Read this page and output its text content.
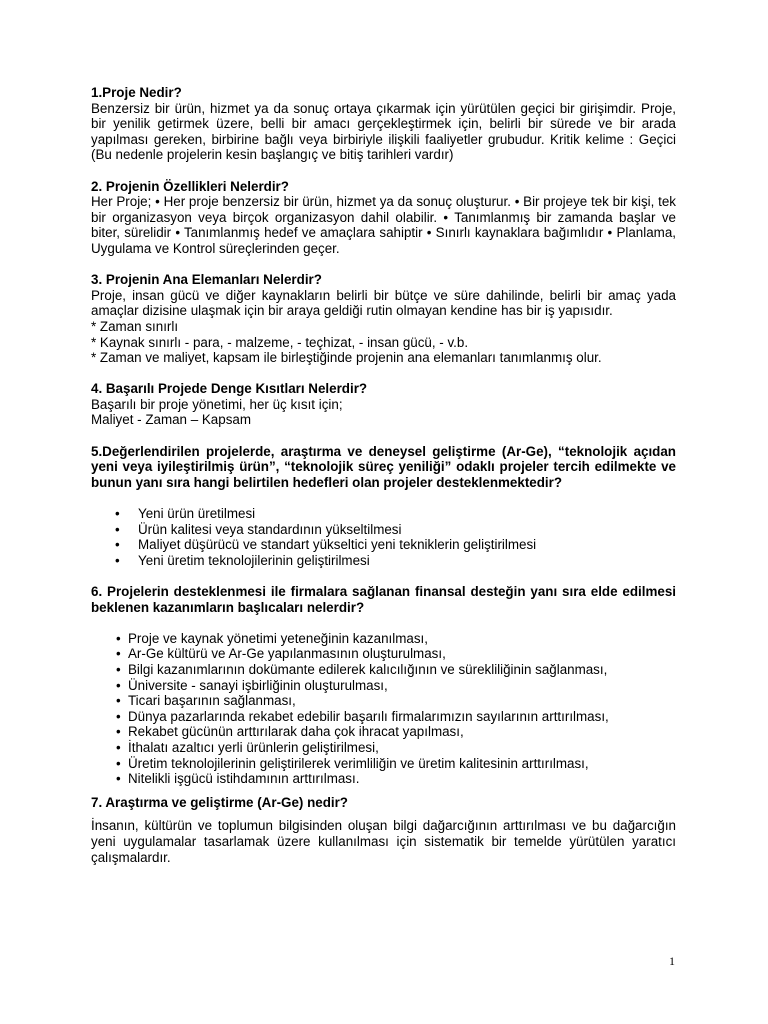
1.Proje Nedir?

Benzersiz bir ürün, hizmet ya da sonuç ortaya çıkarmak için yürütülen geçici bir girişimdir. Proje, bir yenilik getirmek üzere, belli bir amacı gerçekleştirmek için, belirli bir sürede ve bir arada yapılması gereken, birbirine bağlı veya birbiriyle ilişkili faaliyetler grubudur. Kritik kelime : Geçici (Bu nedenle projelerin kesin başlangıç ve bitiş tarihleri vardır)

2. Projenin Özellikleri Nelerdir?

Her Proje; • Her proje benzersiz bir ürün, hizmet ya da sonuç oluşturur. • Bir projeye tek bir kişi, tek bir organizasyon veya birçok organizasyon dahil olabilir. • Tanımlanmış bir zamanda başlar ve biter, sürelidir • Tanımlanmış hedef ve amaçlara sahiptir • Sınırlı kaynaklara bağımlıdır • Planlama, Uygulama ve Kontrol süreçlerinden geçer.

3. Projenin Ana Elemanları Nelerdir?

Proje, insan gücü ve diğer kaynakların belirli bir bütçe ve süre dahilinde, belirli bir amaç yada amaçlar dizisine ulaşmak için bir araya geldiği rutin olmayan kendine has bir iş yapısıdır.

* Zaman sınırlı

* Kaynak sınırlı - para, - malzeme, - teçhizat, - insan gücü, - v.b.

* Zaman ve maliyet, kapsam ile birleştiğinde projenin ana elemanları tanımlanmış olur.

4. Başarılı Projede Denge Kısıtları Nelerdir?

Başarılı bir proje yönetimi, her üç kısıt için;

Maliyet - Zaman – Kapsam

5.Değerlendirilen projelerde, araştırma ve deneysel geliştirme (Ar-Ge), “teknolojik açıdan yeni veya iyileştirilmiş ürün”, “teknolojik süreç yeniliği” odaklı projeler tercih edilmekte ve bunun yanı sıra hangi belirtilen hedefleri olan projeler desteklenmektedir?

• Yeni ürün üretilmesi
• Ürün kalitesi veya standardının yükseltilmesi
• Maliyet düşürücü ve standart yükseltici yeni tekniklerin geliştirilmesi
• Yeni üretim teknolojilerinin geliştirilmesi

6. Projelerin desteklenmesi ile firmalara sağlanan finansal desteğin yanı sıra elde edilmesi beklenen kazanımların başlıcaları nelerdir?

• Proje ve kaynak yönetimi yeteneğinin kazanılması,
• Ar-Ge kültürü ve Ar-Ge yapılanmasının oluşturulması,
• Bilgi kazanımlarının dokümante edilerek kalıcılığının ve sürekliliğinin sağlanması,
• Üniversite - sanayi işbirliğinin oluşturulması,
• Ticari başarının sağlanması,
• Dünya pazarlarında rekabet edebilir başarılı firmalarımızın sayılarının arttırılması,
• Rekabet gücünün arttırılarak daha çok ihracat yapılması,
• İthalatı azaltıcı yerli ürünlerin geliştirilmesi,
• Üretim teknolojilerinin geliştirilerek verimliliğin ve üretim kalitesinin arttırılması,
• Nitelikli işgücü istihdamının arttırılması.

7. Araştırma ve geliştirme (Ar-Ge) nedir?

İnsanın, kültürün ve toplumun bilgisinden oluşan bilgi dağarcığının arttırılması ve bu dağarcığın yeni uygulamalar tasarlamak üzere kullanılması için sistematik bir temelde yürütülen yaratıcı çalışmalardır.

1
